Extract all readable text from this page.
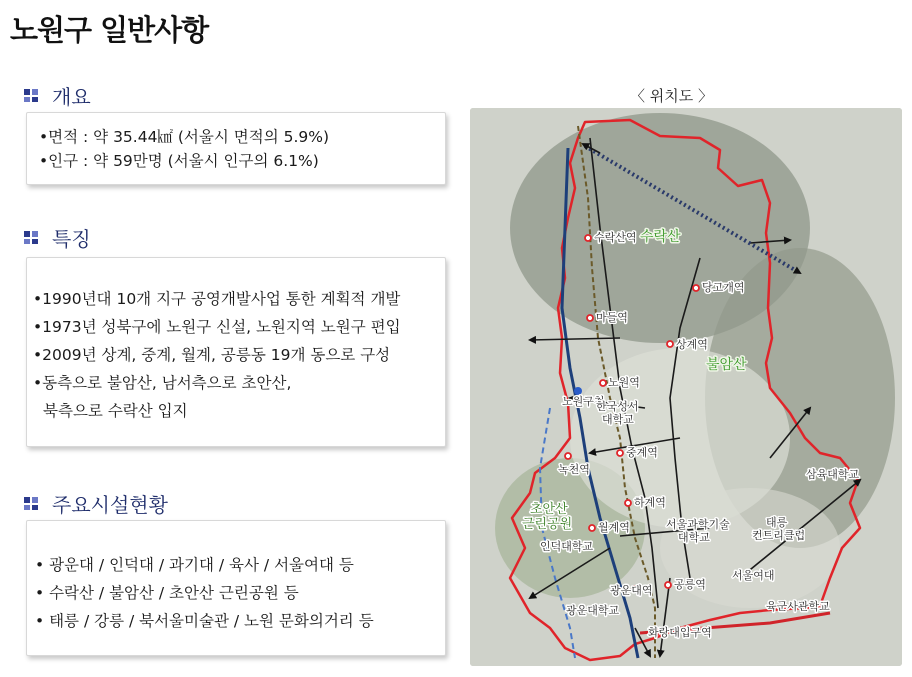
노원구 일반사항
개요
•면적 : 약 35.44㎢ (서울시 면적의 5.9%)
•인구 : 약 59만명 (서울시 인구의 6.1%)
특징
•1990년대 10개 지구 공영개발사업 통한 계획적 개발
•1973년 성북구에 노원구 신설, 노원지역 노원구 편입
•2009년 상계, 중계, 월계, 공릉동 19개 동으로 구성
•동측으로 불암산, 남서측으로 초안산,
북측으로 수락산 입지
주요시설현황
• 광운대 / 인덕대 / 과기대 / 육사 / 서울여대 등
• 수락산 / 불암산 / 초안산 근린공원 등
• 태릉 / 강릉 / 북서울미술관 / 노원 문화의거리 등
〈 위치도 〉
수락산
불암산
초안산
근린공원
수락산역
당고개역
마들역
상계역
노원역
노원구청
한국성서
대학교
녹천역
중계역
하계역
월계역
인덕대학교
서울과학기술
대학교
공릉역
광운대역
광운대학교
서울여대
삼육대학교
태릉
컨트리클럽
육군사관학교
화랑대입구역
